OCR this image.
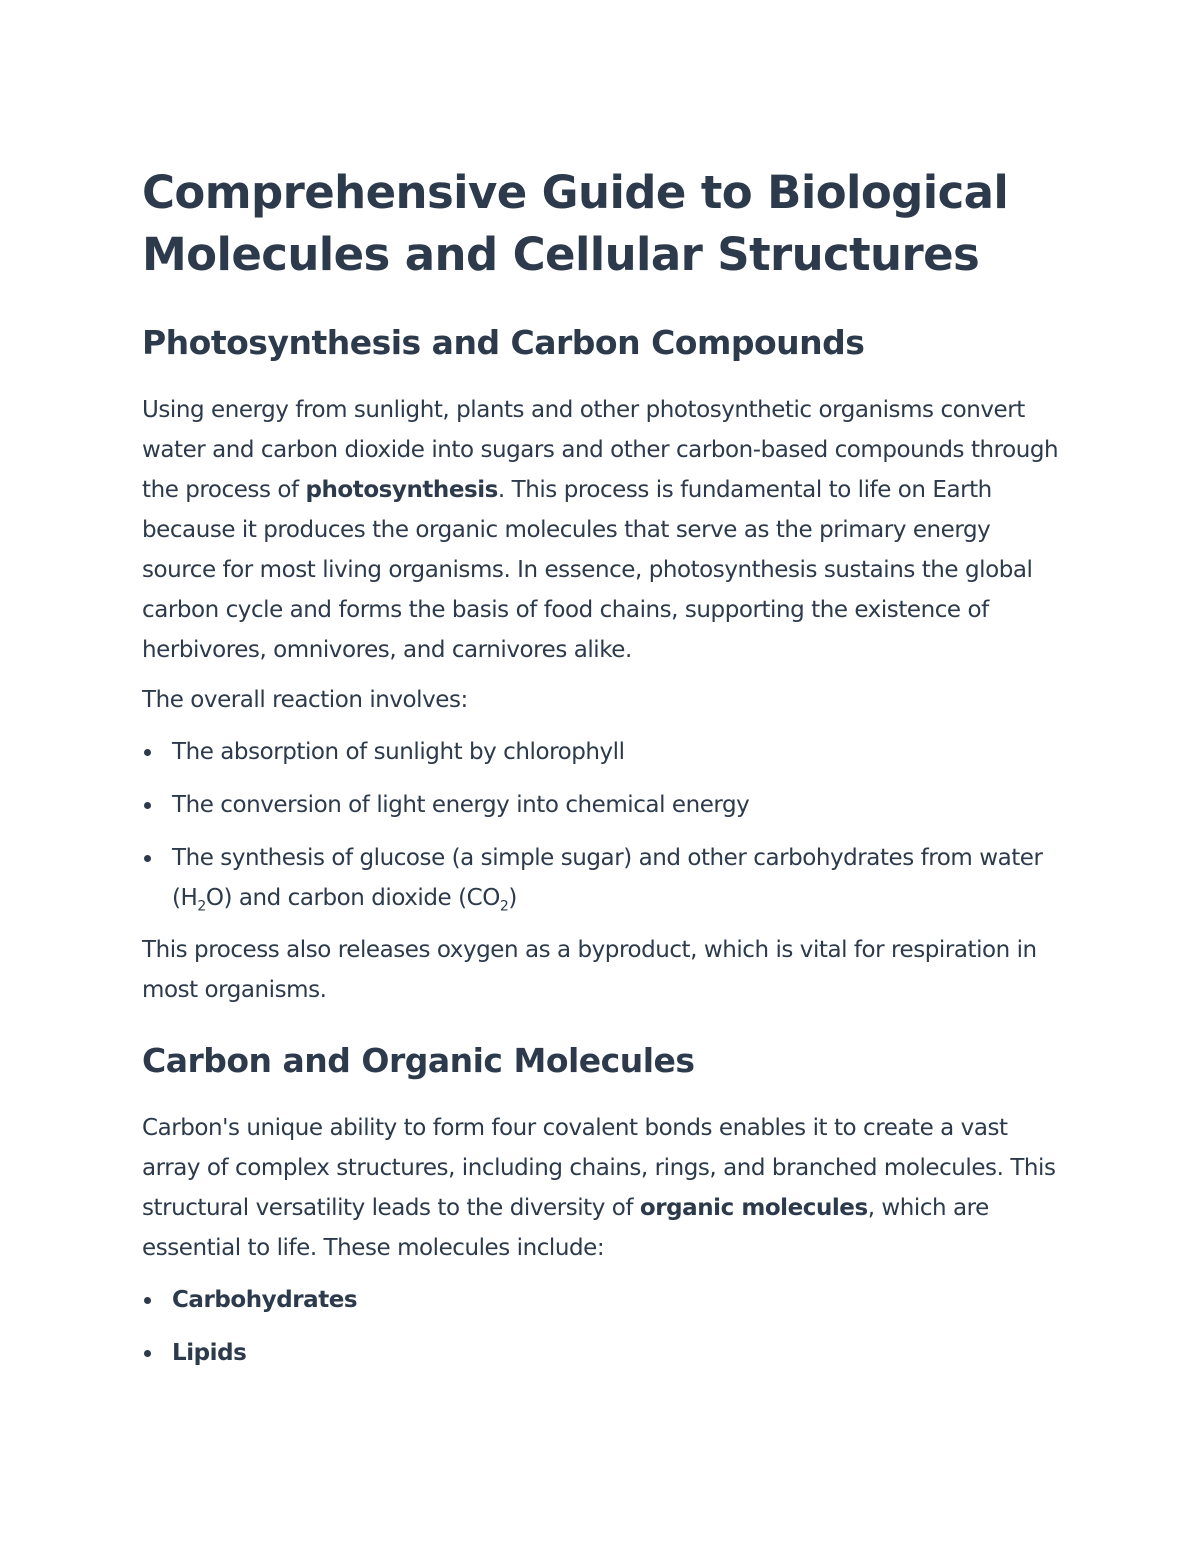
Comprehensive Guide to Biological Molecules and Cellular Structures
Photosynthesis and Carbon Compounds

Using energy from sunlight, plants and other photosynthetic organisms convert water and carbon dioxide into sugars and other carbon-based compounds through the process of photosynthesis. This process is fundamental to life on Earth because it produces the organic molecules that serve as the primary energy source for most living organisms. In essence, photosynthesis sustains the global carbon cycle and forms the basis of food chains, supporting the existence of herbivores, omnivores, and carnivores alike.

The overall reaction involves:

The absorption of sunlight by chlorophyll
The conversion of light energy into chemical energy
The synthesis of glucose (a simple sugar) and other carbohydrates from water $(H_2O)$ and carbon dioxide $(CO_2)$

This process also releases oxygen as a byproduct, which is vital for respiration in most organisms.

Carbon and Organic Molecules

Carbon's unique ability to form four covalent bonds enables it to create a vast array of complex structures, including chains, rings, and branched molecules. This structural versatility leads to the diversity of organic molecules, which are essential to life. These molecules include:

Carbohydrates
Lipids
